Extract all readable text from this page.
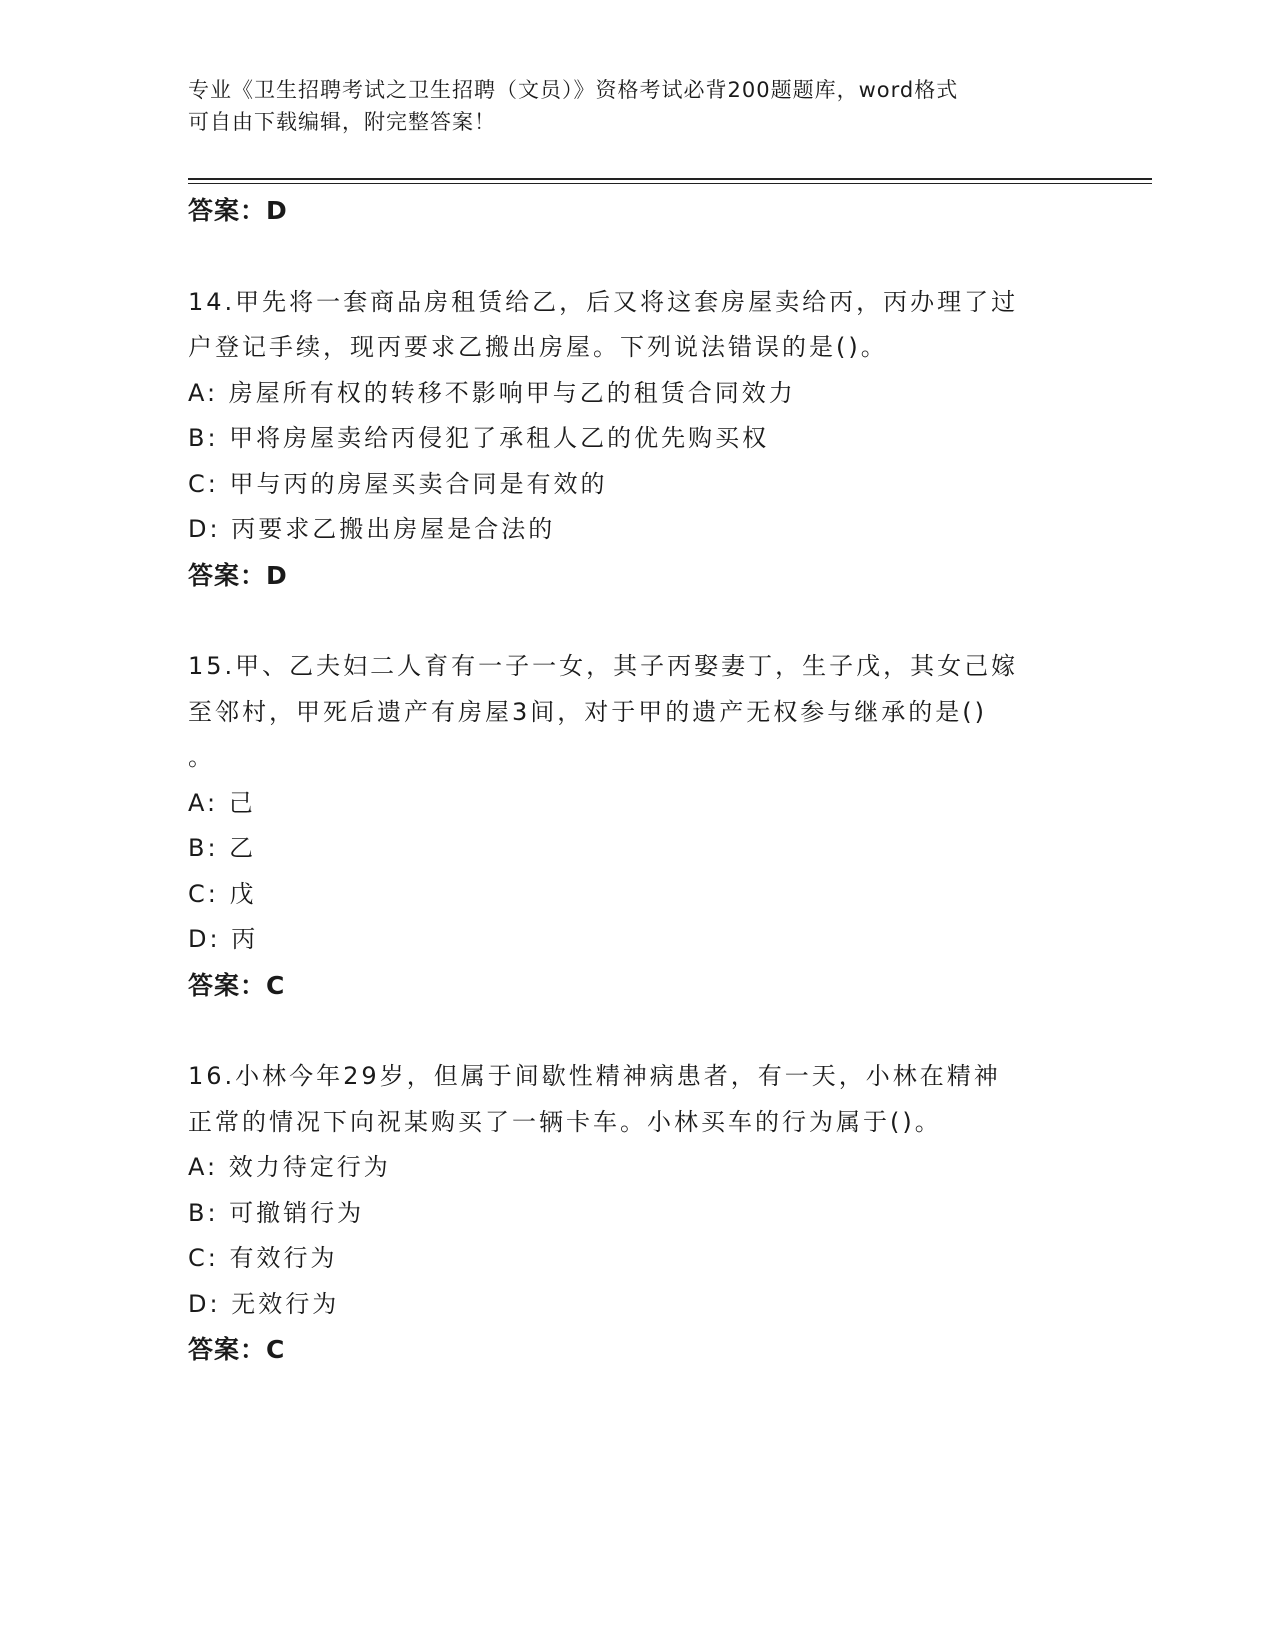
专业《卫生招聘考试之卫生招聘（文员）》资格考试必背200题题库，word格式
可自由下载编辑，附完整答案！
答案：D
14.甲先将一套商品房租赁给乙，后又将这套房屋卖给丙，丙办理了过
户登记手续，现丙要求乙搬出房屋。下列说法错误的是()。
A: 房屋所有权的转移不影响甲与乙的租赁合同效力
B: 甲将房屋卖给丙侵犯了承租人乙的优先购买权
C: 甲与丙的房屋买卖合同是有效的
D: 丙要求乙搬出房屋是合法的
答案：D
15.甲、乙夫妇二人育有一子一女，其子丙娶妻丁，生子戊，其女己嫁
至邻村，甲死后遗产有房屋3间，对于甲的遗产无权参与继承的是()
。
A: 己
B: 乙
C: 戊
D: 丙
答案：C
16.小林今年29岁，但属于间歇性精神病患者，有一天，小林在精神
正常的情况下向祝某购买了一辆卡车。小林买车的行为属于()。
A: 效力待定行为
B: 可撤销行为
C: 有效行为
D: 无效行为
答案：C
